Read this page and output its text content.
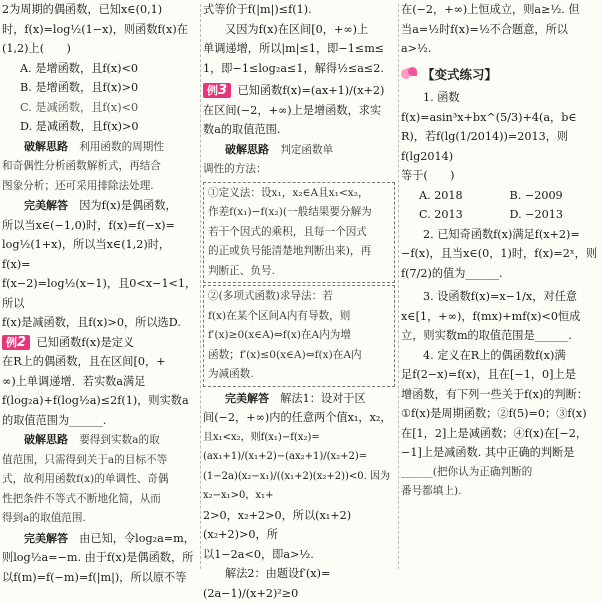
2为周期的偶函数，已知x∈(0,1)

时，f(x)=log½(1−x)，则函数f(x)在

(1,2)上(　　)

A. 是增函数，且f(x)<0

B. 是增函数，且f(x)>0

C. 是减函数，且f(x)<0

D. 是减函数，且f(x)>0

破解思路　 利用函数的周期性

和奇偶性分析函数解析式，再结合

图象分析；还可采用排除法处理.

完美解答　 因为f(x)是偶函数，

所以当x∈(−1,0)时，f(x)=f(−x)=

log½(1+x)，所以当x∈(1,2)时，f(x)=

f(x−2)=log½(x−1)，且0<x−1<1，所以

f(x)是减函数，且f(x)>0，所以选D.

例2 已知函数f(x)是定义

在R上的偶函数，且在区间[0，+

∞)上单调递增．若实数a满足

f(log₂a)+f(log½a)≤2f(1)，则实数a

的取值范围为______.

破解思路　 要得到实数a的取

值范围，只需得到关于a的目标不等

式，故利用函数f(x)的单调性、奇偶

性把条件不等式不断地化简，从而

得到a的取值范围.

完美解答　 由已知，令log₂a=m，

则log½a=−m. 由于f(x)是偶函数，所

以f(m)=f(−m)=f(|m|)，所以原不等

式等价于f(|m|)≤f(1).

又因为f(x)在区间[0，+∞)上

单调递增，所以|m|≤1，即−1≤m≤

1，即−1≤log₂a≤1，解得½≤a≤2.

例3 已知函数f(x)=(ax+1)/(x+2)

在区间(−2，+∞)上是增函数，求实

数a的取值范围.

破解思路　 判定函数单

调性的方法：

①定义法：设x₁，x₂∈A且x₁<x₂，

作差f(x₁)−f(x₂)(一般结果要分解为

若干个因式的乘积，且每一个因式

的正或负号能清楚地判断出来)，再

判断正、负号.

②(多项式函数)求导法：若

f(x)在某个区间A内有导数，则

f′(x)≥0(x∈A)⇔f(x)在A内为增

函数；f′(x)≤0(x∈A)⇔f(x)在A内

为减函数.

完美解答　 解法1：设对于区

间(−2，+∞)内的任意两个值x₁，x₂，

且x₁<x₂，则f(x₁)−f(x₂)=(ax₁+1)/(x₁+2)−(ax₂+1)/(x₂+2)=

(1−2a)(x₂−x₁)/((x₁+2)(x₂+2))<0. 因为x₂−x₁>0，x₁+

2>0，x₂+2>0，所以(x₁+2)(x₂+2)>0，所

以1−2a<0，即a>½.

解法2：由题设f′(x)=(2a−1)/(x+2)²≥0

在(−2，+∞)上恒成立，则a≥½. 但

当a=½时f(x)=½不合题意，所以

a>½.

【变式练习】

1. 函数f(x)=asin³x+bx^(5/3)+4(a，b∈

R)，若f(lg(1/2014))=2013，则f(lg2014)

等于(　　)

A. 2018	B. −2009
C. 2013	D. −2013

2. 已知奇函数f(x)满足f(x+2)=

−f(x)，且当x∈(0，1)时，f(x)=2ˣ，则

f(7/2)的值为______.

3. 设函数f(x)=x−1/x，对任意

x∈[1，+∞)，f(mx)+mf(x)<0恒成

立，则实数m的取值范围是______.

4. 定义在R上的偶函数f(x)满

足f(2−x)=f(x)，且在[−1，0]上是

增函数，有下列一些关于f(x)的判断：

①f(x)是周期函数；②f(5)=0；③f(x)

在[1，2]上是减函数；④f(x)在[−2，

−1]上是减函数. 其中正确的判断是

______(把你认为正确判断的

番号都填上).
